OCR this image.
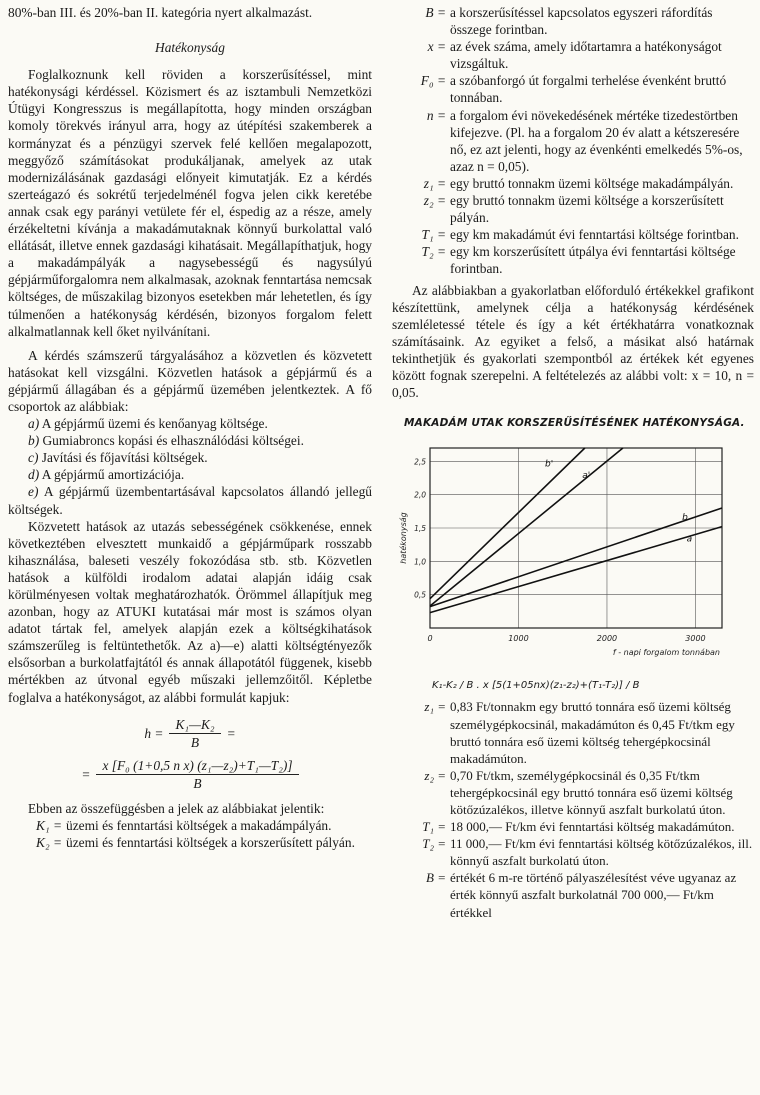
80%-ban III. és 20%-ban II. kategória nyert alkalmazást.

Hatékonyság

Foglalkoznunk kell röviden a korszerűsítéssel, mint hatékonysági kérdéssel. Közismert és az isztambuli Nemzetközi Útügyi Kongresszus is megállapította, hogy minden országban komoly törekvés irányul arra, hogy az útépítési szakemberek a kormányzat és a pénzügyi szervek felé kellően megalapozott, meggyőző számításokat produkáljanak, amelyek az utak modernizálásának gazdasági előnyeit kimutatják. Ez a kérdés szerteágazó és sokrétű terjedelménél fogva jelen cikk keretébe annak csak egy parányi vetülete fér el, éspedig az a része, amely érzékeltetni kívánja a makadámutaknak könnyű burkolattal való ellátását, illetve ennek gazdasági kihatásait. Megállapíthatjuk, hogy a makadámpályák a nagysebességű és nagysúlyú gépjárműforgalomra nem alkalmasak, azoknak fenntartása nemcsak költséges, de műszakilag bizonyos esetekben már lehetetlen, és így túlmenően a hatékonyság kérdésén, bizonyos forgalom felett alkalmatlannak kell őket nyilvánítani.

A kérdés számszerű tárgyalásához a közvetlen és közvetett hatásokat kell vizsgálni. Közvetlen hatások a gépjármű és a gépjármű állagában és a gépjármű üzemében jelentkeztek. A fő csoportok az alábbiak:

a) A gépjármű üzemi és kenőanyag költsége.

b) Gumiabroncs kopási és elhasználódási költségei.

c) Javítási és főjavítási költségek.

d) A gépjármű amortizációja.

e) A gépjármű üzembentartásával kapcsolatos állandó jellegű költségek.

Közvetett hatások az utazás sebességének csökkenése, ennek következtében elvesztett munkaidő a gépjárműpark rosszabb kihasználása, baleseti veszély fokozódása stb. stb. Közvetlen hatások a külföldi irodalom adatai alapján idáig csak körülményesen voltak meghatározhatók. Örömmel állapítjuk meg azonban, hogy az ATUKI kutatásai már most is számos olyan adatot tártak fel, amelyek alapján ezek a költségkihatások számszerűleg is feltüntethetők. Az a)—e) alatti költségtényezők elsősorban a burkolatfajtától és annak állapotától függenek, kisebb mértékben az útvonal egyéb műszaki jellemzőitől. Képletbe foglalva a hatékonyságot, az alábbi formulát kapjuk:

$h = \frac{\text{K₁—K₂}}{B}$ =
= $\frac{\text{x [F₀ (1+0,5 n x) (z₁—z₂)+T₁—T₂)]}}{B}$

Ebben az összefüggésben a jelek az alábbiakat jelentik:

K₁ = üzemi és fenntartási költségek a makadámpályán.
K₂ = üzemi és fenntartási költségek a korszerűsített pályán.
B = a korszerűsítéssel kapcsolatos egyszeri ráfordítás összege forintban.
x = az évek száma, amely időtartamra a hatékonyságot vizsgáltuk.
F₀ = a szóbanforgó út forgalmi terhelése évenként bruttó tonnában.
n = a forgalom évi növekedésének mértéke tizedestörtben kifejezve. (Pl. ha a forgalom 20 év alatt a kétszeresére nő, ez azt jelenti, hogy az évenkénti emelkedés 5%-os, azaz n = 0,05).
z₁ = egy bruttó tonnakm üzemi költsége makadámpályán.
z₂ = egy bruttó tonnakm üzemi költsége a korszerűsített pályán.
T₁ = egy km makadámút évi fenntartási költsége forintban.
T₂ = egy km korszerűsített útpálya évi fenntartási költsége forintban.

Az alábbiakban a gyakorlatban előforduló értékekkel grafikont készítettünk, amelynek célja a hatékonyság kérdésének szemléletessé tétele és így a két értékhatárra vonatkoznak számításaink. Az egyiket a felső, a másikat alsó határnak tekinthetjük és gyakorlati szempontból az értékek két egyenes között fognak szerepelni. A feltételezés az alábbi volt: x = 10, n = 0,05.

MAKADÁM UTAK KORSZERŰSÍTÉSÉNEK HATÉKONYSÁGA.
0	1000	2000	3000
0,5
1,0
1,5
2,0
2,5
hatékonyság
f - napi forgalom tonnában
a
b
a'
b'
K₁-K₂ / B . x [5(1+05nx)(z₁-z₂)+(T₁-T₂)] / B
z₁ = 0,83 Ft/tonnakm egy bruttó tonnára eső üzemi költség személygépkocsinál, makadámúton és 0,45 Ft/tkm egy bruttó tonnára eső üzemi költség tehergépkocsinál makadámúton.
z₂ = 0,70 Ft/tkm, személygépkocsinál és 0,35 Ft/tkm tehergépkocsinál egy bruttó tonnára eső üzemi költség kötőzúzalékos, illetve könnyű aszfalt burkolatú úton.
T₁ = 18 000,— Ft/km évi fenntartási költség makadámúton.
T₂ = 11 000,— Ft/km évi fenntartási költség kötőzúzalékos, ill. könnyű aszfalt burkolatú úton.
B = értékét 6 m-re történő pályaszélesítést véve ugyanaz az érték könnyű aszfalt burkolatnál 700 000,— Ft/km értékkel
